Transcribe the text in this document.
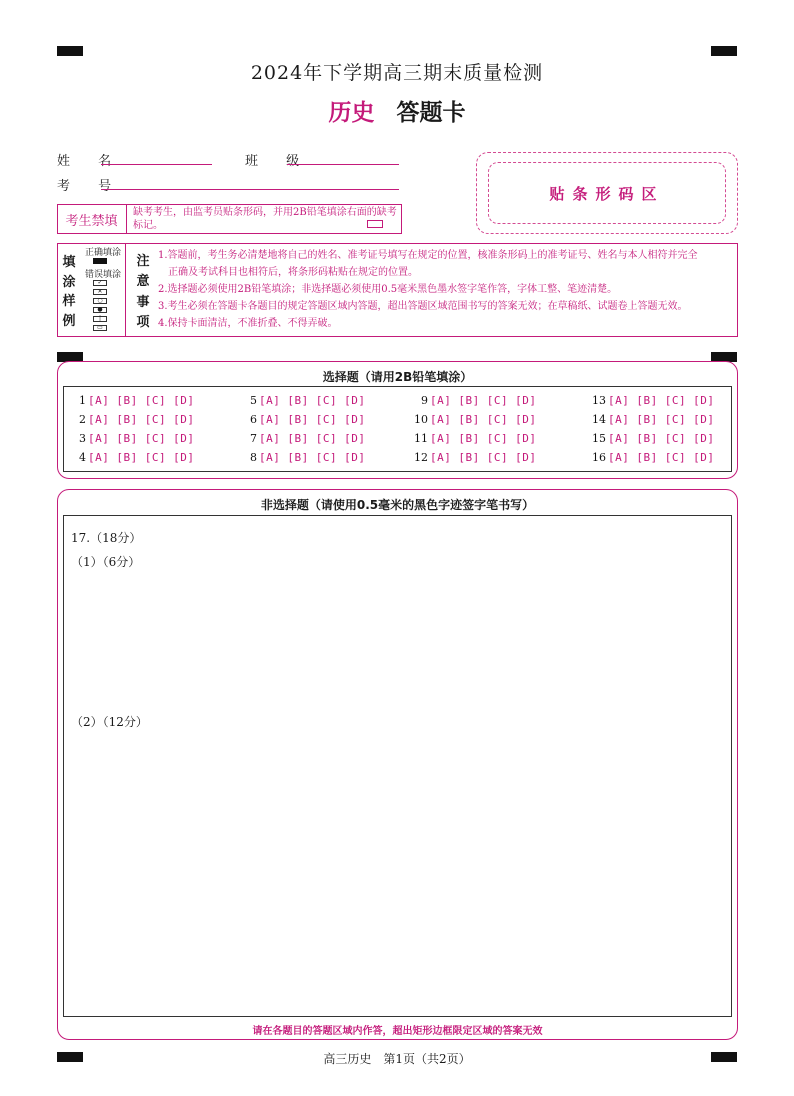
2024年下学期高三期末质量检测
历史 答题卡
姓 名	班 级
考 号	贴条形码区
考生禁填
缺考考生，由监考员贴条形码，并用2B铅笔填涂右面的缺考标记。
填
涂
样
例
正确填涂
错误填涂
✓
✕
○
●
|
▭
注
意
事
项
1.答题前，考生务必清楚地将自己的姓名、准考证号填写在规定的位置，核准条形码上的准考证号、姓名与本人相符并完全
正确及考试科目也相符后，将条形码粘贴在规定的位置。
2.选择题必须使用2B铅笔填涂；非选择题必须使用0.5毫米黑色墨水签字笔作答，字体工整、笔迹清楚。
3.考生必须在答题卡各题目的规定答题区域内答题，超出答题区域范围书写的答案无效；在草稿纸、试题卷上答题无效。
4.保持卡面清洁，不准折叠、不得弄破。
选择题（请用2B铅笔填涂）
1 [A] [B] [C] [D]
2 [A] [B] [C] [D]
3 [A] [B] [C] [D]
4 [A] [B] [C] [D]
5 [A] [B] [C] [D]
6 [A] [B] [C] [D]
7 [A] [B] [C] [D]
8 [A] [B] [C] [D]
9 [A] [B] [C] [D]
10 [A] [B] [C] [D]
11 [A] [B] [C] [D]
12 [A] [B] [C] [D]
13 [A] [B] [C] [D]
14 [A] [B] [C] [D]
15 [A] [B] [C] [D]
16 [A] [B] [C] [D]
非选择题（请使用0.5毫米的黑色字迹签字笔书写）
17.（18分）
（1）（6分）
（2）（12分）
请在各题目的答题区域内作答，超出矩形边框限定区域的答案无效
高三历史　第1页（共2页）
